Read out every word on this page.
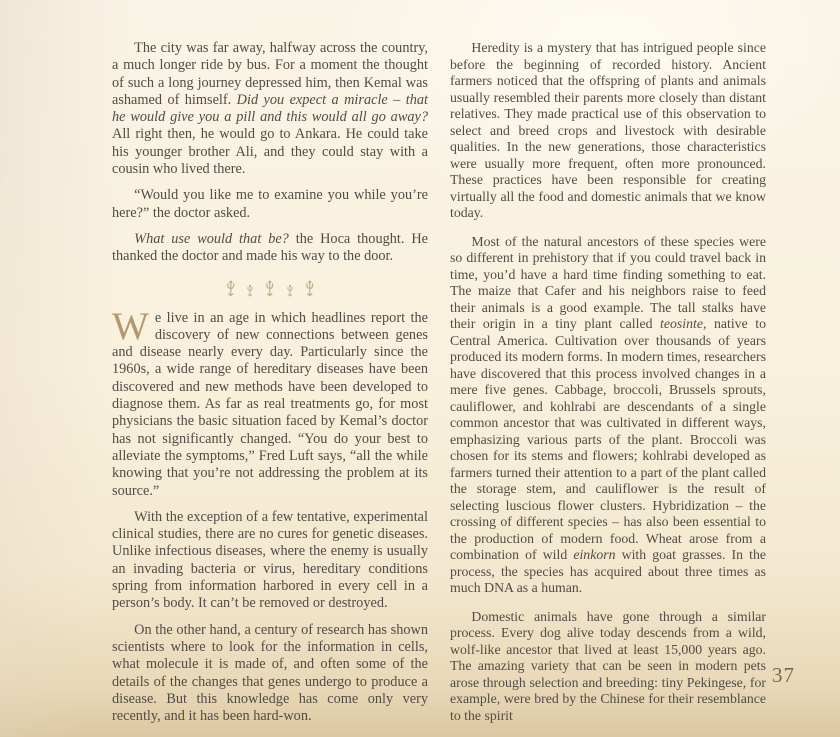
The city was far away, halfway across the country, a much longer ride by bus. For a moment the thought of such a long journey depressed him, then Kemal was ashamed of himself. Did you expect a miracle – that he would give you a pill and this would all go away? All right then, he would go to Ankara. He could take his younger brother Ali, and they could stay with a cousin who lived there.

“Would you like me to examine you while you’re here?” the doctor asked.

What use would that be? the Hoca thought. He thanked the doctor and made his way to the door.

We live in an age in which headlines report the discovery of new connections between genes and disease nearly every day. Particularly since the 1960s, a wide range of hereditary diseases have been discovered and new methods have been developed to diagnose them. As far as real treatments go, for most physicians the basic situation faced by Kemal’s doctor has not significantly changed. “You do your best to alleviate the symptoms,” Fred Luft says, “all the while knowing that you’re not addressing the problem at its source.”

With the exception of a few tentative, experimental clinical studies, there are no cures for genetic diseases. Unlike infectious diseases, where the enemy is usually an invading bacteria or virus, hereditary conditions spring from information harbored in every cell in a person’s body. It can’t be removed or destroyed.

On the other hand, a century of research has shown scientists where to look for the information in cells, what molecule it is made of, and often some of the details of the changes that genes undergo to produce a disease. But this knowledge has come only very recently, and it has been hard-won.

Heredity is a mystery that has intrigued people since before the beginning of recorded history. Ancient farmers noticed that the offspring of plants and animals usually resembled their parents more closely than distant relatives. They made practical use of this observation to select and breed crops and livestock with desirable qualities. In the new generations, those characteristics were usually more frequent, often more pronounced. These practices have been responsible for creating virtually all the food and domestic animals that we know today.

Most of the natural ancestors of these species were so different in prehistory that if you could travel back in time, you’d have a hard time finding something to eat. The maize that Cafer and his neighbors raise to feed their animals is a good example. The tall stalks have their origin in a tiny plant called teosinte, native to Central America. Cultivation over thousands of years produced its modern forms. In modern times, researchers have discovered that this process involved changes in a mere five genes. Cabbage, broccoli, Brussels sprouts, cauliflower, and kohlrabi are descendants of a single common ancestor that was cultivated in different ways, emphasizing various parts of the plant. Broccoli was chosen for its stems and flowers; kohlrabi developed as farmers turned their attention to a part of the plant called the storage stem, and cauliflower is the result of selecting luscious flower clusters. Hybridization – the crossing of different species – has also been essential to the production of modern food. Wheat arose from a combination of wild einkorn with goat grasses. In the process, the species has acquired about three times as much DNA as a human.

Domestic animals have gone through a similar process. Every dog alive today descends from a wild, wolf-like ancestor that lived at least 15,000 years ago. The amazing variety that can be seen in modern pets arose through selection and breeding: tiny Pekingese, for example, were bred by the Chinese for their resemblance to the spirit

37
